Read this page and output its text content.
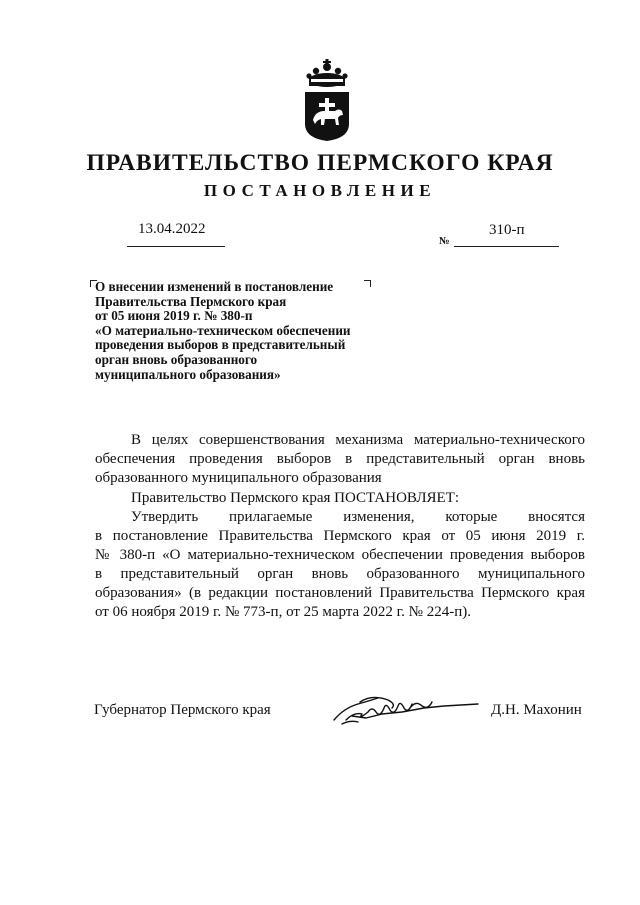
ПРАВИТЕЛЬСТВО ПЕРМСКОГО КРАЯ
ПОСТАНОВЛЕНИЕ
13.04.2022
№
310-п
О внесении изменений в постановление
Правительства Пермского края
от 05 июня 2019 г. № 380-п
«О материально-техническом обеспечении
проведения выборов в представительный
орган вновь образованного
муниципального образования»
В целях совершенствования механизма материально-технического
обеспечения проведения выборов в представительный орган вновь
образованного муниципального образования
Правительство Пермского края ПОСТАНОВЛЯЕТ:
Утвердить прилагаемые изменения, которые вносятся
в постановление Правительства Пермского края от 05 июня 2019 г.
№ 380-п «О материально-техническом обеспечении проведения выборов
в представительный орган вновь образованного муниципального
образования» (в редакции постановлений Правительства Пермского края
от 06 ноября 2019 г. № 773-п, от 25 марта 2022 г. № 224-п).
Губернатор Пермского края	Д.Н. Махонин
